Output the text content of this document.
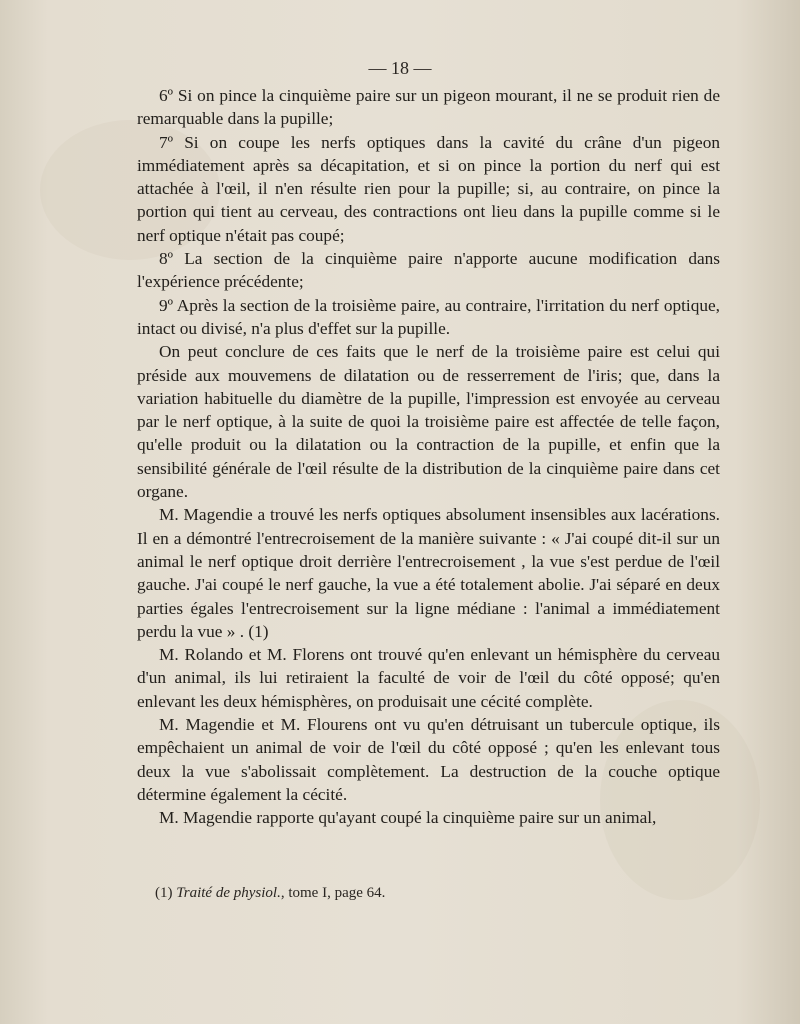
— 18 —

6º Si on pince la cinquième paire sur un pigeon mourant, il ne se produit rien de remarquable dans la pupille;

7º Si on coupe les nerfs optiques dans la cavité du crâne d'un pigeon immédiatement après sa décapitation, et si on pince la portion du nerf qui est attachée à l'œil, il n'en résulte rien pour la pupille; si, au contraire, on pince la portion qui tient au cerveau, des contractions ont lieu dans la pupille comme si le nerf optique n'était pas coupé;

8º La section de la cinquième paire n'apporte aucune modification dans l'expérience précédente;

9º Après la section de la troisième paire, au contraire, l'irritation du nerf optique, intact ou divisé, n'a plus d'effet sur la pupille.

On peut conclure de ces faits que le nerf de la troisième paire est celui qui préside aux mouvemens de dilatation ou de resserrement de l'iris; que, dans la variation habituelle du diamètre de la pupille, l'impression est envoyée au cerveau par le nerf optique, à la suite de quoi la troisième paire est affectée de telle façon, qu'elle produit ou la dilatation ou la contraction de la pupille, et enfin que la sensibilité générale de l'œil résulte de la distribution de la cinquième paire dans cet organe.

M. Magendie a trouvé les nerfs optiques absolument insensibles aux lacérations. Il en a démontré l'entrecroisement de la manière suivante : « J'ai coupé dit-il sur un animal le nerf optique droit derrière l'entrecroisement , la vue s'est perdue de l'œil gauche. J'ai coupé le nerf gauche, la vue a été totalement abolie. J'ai séparé en deux parties égales l'entrecroisement sur la ligne médiane : l'animal a immédiatement perdu la vue » . (1)

M. Rolando et M. Florens ont trouvé qu'en enlevant un hémisphère du cerveau d'un animal, ils lui retiraient la faculté de voir de l'œil du côté opposé; qu'en enlevant les deux hémisphères, on produisait une cécité complète.

M. Magendie et M. Flourens ont vu qu'en détruisant un tubercule optique, ils empêchaient un animal de voir de l'œil du côté opposé ; qu'en les enlevant tous deux la vue s'abolissait complètement. La destruction de la couche optique détermine également la cécité.

M. Magendie rapporte qu'ayant coupé la cinquième paire sur un animal,

(1) Traité de physiol., tome I, page 64.
